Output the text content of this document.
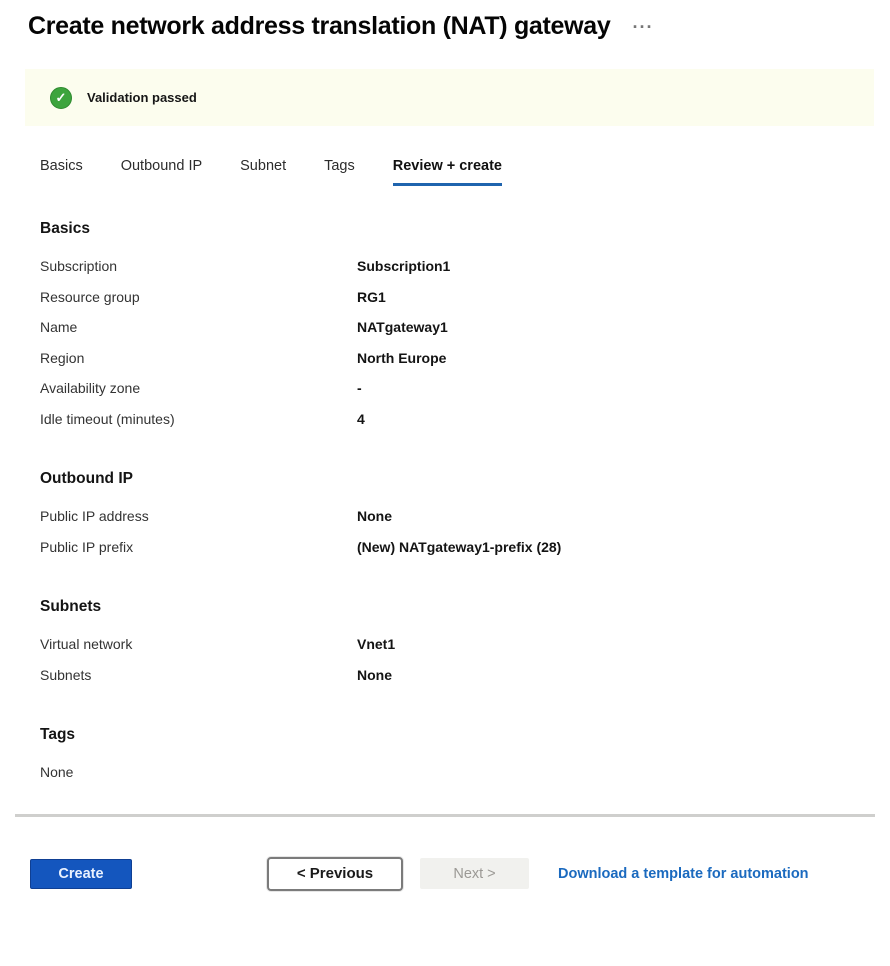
Create network address translation (NAT) gateway ···
✓	Validation passed
Basics	Outbound IP	Subnet	Tags	Review + create
Basics
Subscription	Subscription1
Resource group	RG1
Name	NATgateway1
Region	North Europe
Availability zone	-
Idle timeout (minutes)	4
Outbound IP
Public IP address	None
Public IP prefix	(New) NATgateway1-prefix (28)
Subnets
Virtual network	Vnet1
Subnets	None
Tags
None
Create	< Previous	Next >	Download a template for automation
